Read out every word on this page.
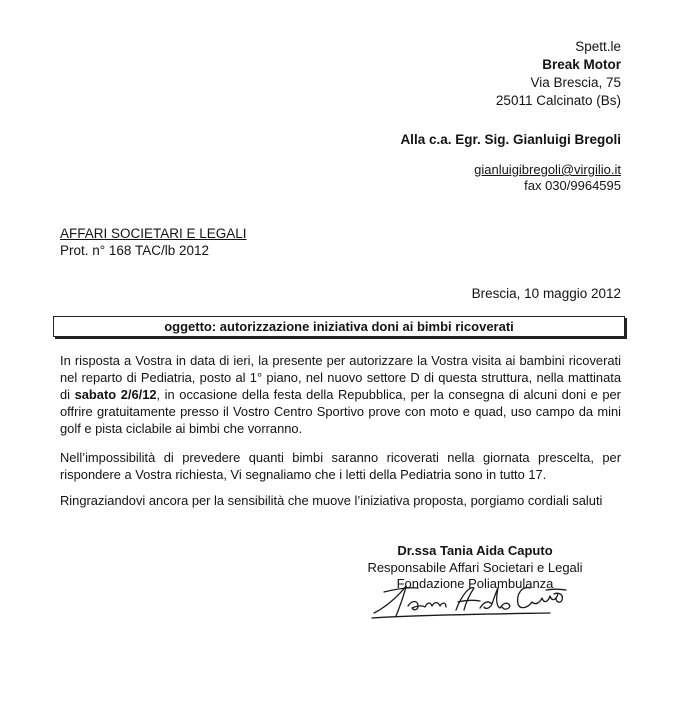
Spett.le
Break Motor
Via Brescia, 75
25011 Calcinato (Bs)
Alla c.a. Egr. Sig. Gianluigi Bregoli
gianluigibregoli@virgilio.it
fax 030/9964595
AFFARI SOCIETARI E LEGALI
Prot. n° 168 TAC/lb 2012
Brescia, 10 maggio 2012
oggetto: autorizzazione iniziativa doni ai bimbi ricoverati
In risposta a Vostra in data di ieri, la presente per autorizzare la Vostra visita ai bambini ricoverati nel reparto di Pediatria, posto al 1° piano, nel nuovo settore D di questa struttura, nella mattinata di sabato 2/6/12, in occasione della festa della Repubblica, per la consegna di alcuni doni e per offrire gratuitamente presso il Vostro Centro Sportivo prove con moto e quad, uso campo da mini golf e pista ciclabile ai bimbi che vorranno.
Nell’impossibilità di prevedere quanti bimbi saranno ricoverati nella giornata prescelta, per rispondere a Vostra richiesta, Vi segnaliamo che i letti della Pediatria sono in tutto 17.
Ringraziandovi ancora per la sensibilità che muove l’iniziativa proposta, porgiamo cordiali saluti
Dr.ssa Tania Aida Caputo
Responsabile Affari Societari e Legali
Fondazione Poliambulanza
